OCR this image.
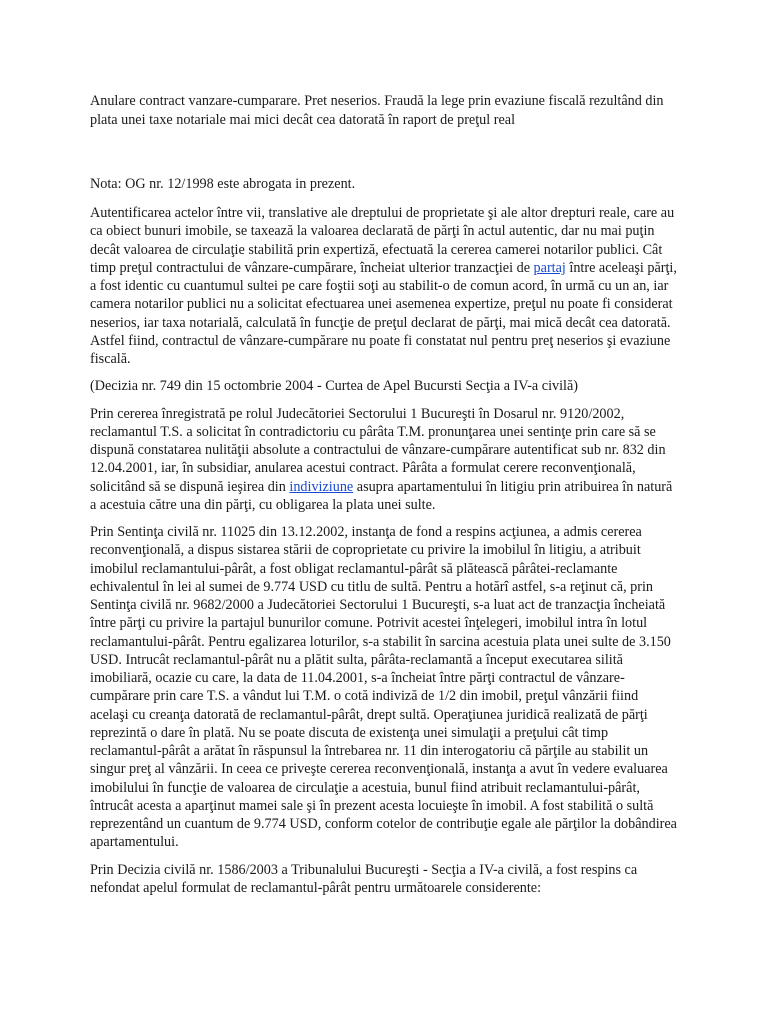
Anulare contract vanzare-cumparare. Pret neserios. Fraudă la lege prin evaziune fiscală rezultând din plata unei taxe notariale mai mici decât cea datorată în raport de preţul real

Nota: OG nr. 12/1998 este abrogata in prezent.

Autentificarea actelor între vii, translative ale dreptului de proprietate şi ale altor drepturi reale, care au ca obiect bunuri imobile, se taxează la valoarea declarată de părţi în actul autentic, dar nu mai puţin decât valoarea de circulaţie stabilită prin expertiză, efectuată la cererea camerei notarilor publici. Cât timp preţul contractului de vânzare-cumpărare, încheiat ulterior tranzacţiei de partaj între aceleaşi părţi, a fost identic cu cuantumul sultei pe care foştii soţi au stabilit-o de comun acord, în urmă cu un an, iar camera notarilor publici nu a solicitat efectuarea unei asemenea expertize, preţul nu poate fi considerat neserios, iar taxa notarială, calculată în funcţie de preţul declarat de părţi, mai mică decât cea datorată. Astfel fiind, contractul de vânzare-cumpărare nu poate fi constatat nul pentru preţ neserios şi evaziune fiscală.

(Decizia nr. 749 din 15 octombrie 2004 - Curtea de Apel Bucursti Secţia a IV-a civilă)

Prin cererea înregistrată pe rolul Judecătoriei Sectorului 1 Bucureşti în Dosarul nr. 9120/2002, reclamantul T.S. a solicitat în contradictoriu cu pârâta T.M. pronunţarea unei sentinţe prin care să se dispună constatarea nulităţii absolute a contractului de vânzare-cumpărare autentificat sub nr. 832 din 12.04.2001, iar, în subsidiar, anularea acestui contract. Pârâta a formulat cerere reconvenţională, solicitând să se dispună ieşirea din indiviziune asupra apartamentului în litigiu prin atribuirea în natură a acestuia către una din părţi, cu obligarea la plata unei sulte.

Prin Sentinţa civilă nr. 11025 din 13.12.2002, instanţa de fond a respins acţiunea, a admis cererea reconvenţională, a dispus sistarea stării de coproprietate cu privire la imobilul în litigiu, a atribuit imobilul reclamantului-pârât, a fost obligat reclamantul-pârât să plătească pârâtei-reclamante echivalentul în lei al sumei de 9.774 USD cu titlu de sultă. Pentru a hotărî astfel, s-a reţinut că, prin Sentinţa civilă nr. 9682/2000 a Judecătoriei Sectorului 1 Bucureşti, s-a luat act de tranzacţia încheiată între părţi cu privire la partajul bunurilor comune. Potrivit acestei înţelegeri, imobilul intra în lotul reclamantului-pârât. Pentru egalizarea loturilor, s-a stabilit în sarcina acestuia plata unei sulte de 3.150 USD. Intrucât reclamantul-pârât nu a plătit sulta, pârâta-reclamantă a început executarea silită imobiliară, ocazie cu care, la data de 11.04.2001, s-a încheiat între părţi contractul de vânzare-cumpărare prin care T.S. a vândut lui T.M. o cotă indiviză de 1/2 din imobil, preţul vânzării fiind acelaşi cu creanţa datorată de reclamantul-pârât, drept sultă. Operaţiunea juridică realizată de părţi reprezintă o dare în plată. Nu se poate discuta de existenţa unei simulaţii a preţului cât timp reclamantul-pârât a arătat în răspunsul la întrebarea nr. 11 din interogatoriu că părţile au stabilit un singur preţ al vânzării. In ceea ce priveşte cererea reconvenţională, instanţa a avut în vedere evaluarea imobilului în funcţie de valoarea de circulaţie a acestuia, bunul fiind atribuit reclamantului-pârât, întrucât acesta a aparţinut mamei sale şi în prezent acesta locuieşte în imobil. A fost stabilită o sultă reprezentând un cuantum de 9.774 USD, conform cotelor de contribuţie egale ale părţilor la dobândirea apartamentului.

Prin Decizia civilă nr. 1586/2003 a Tribunalului Bucureşti - Secţia a IV-a civilă, a fost respins ca nefondat apelul formulat de reclamantul-pârât pentru următoarele considerente:
